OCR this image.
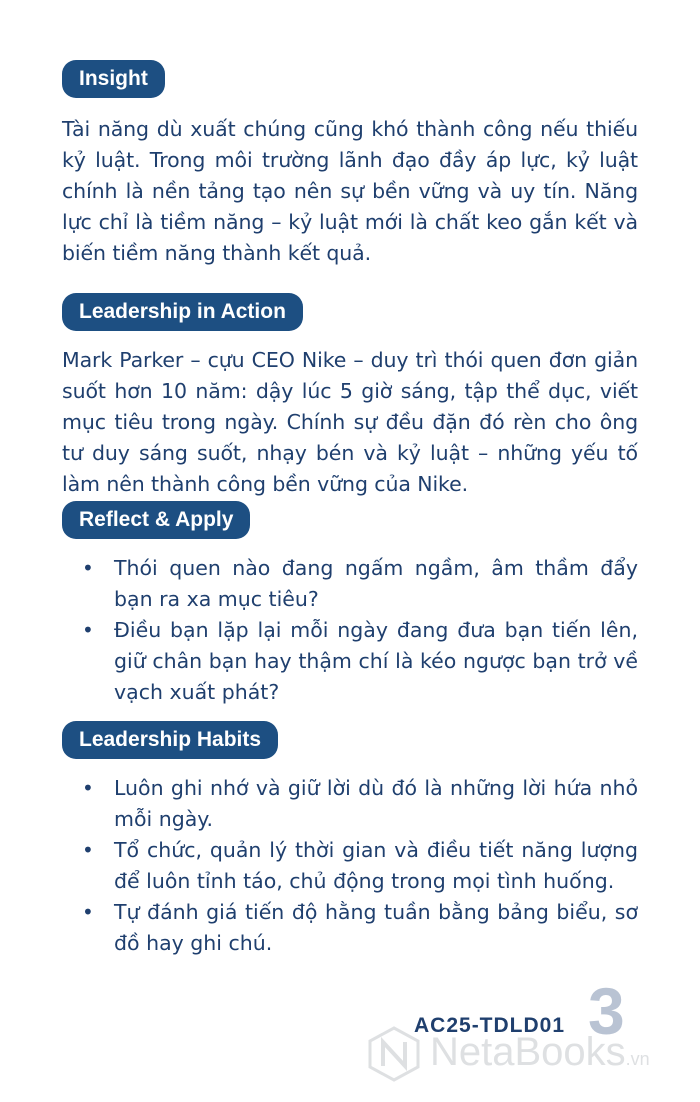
Insight
Tài năng dù xuất chúng cũng khó thành công nếu thiếu kỷ luật. Trong môi trường lãnh đạo đầy áp lực, kỷ luật chính là nền tảng tạo nên sự bền vững và uy tín. Năng lực chỉ là tiềm năng – kỷ luật mới là chất keo gắn kết và biến tiềm năng thành kết quả.
Leadership in Action
Mark Parker – cựu CEO Nike – duy trì thói quen đơn giản suốt hơn 10 năm: dậy lúc 5 giờ sáng, tập thể dục, viết mục tiêu trong ngày. Chính sự đều đặn đó rèn cho ông tư duy sáng suốt, nhạy bén và kỷ luật – những yếu tố làm nên thành công bền vững của Nike.
Reflect & Apply
• Thói quen nào đang ngấm ngầm, âm thầm đẩy bạn ra xa mục tiêu?
• Điều bạn lặp lại mỗi ngày đang đưa bạn tiến lên, giữ chân bạn hay thậm chí là kéo ngược bạn trở về vạch xuất phát?
Leadership Habits
• Luôn ghi nhớ và giữ lời dù đó là những lời hứa nhỏ mỗi ngày.
• Tổ chức, quản lý thời gian và điều tiết năng lượng để luôn tỉnh táo, chủ động trong mọi tình huống.
• Tự đánh giá tiến độ hằng tuần bằng bảng biểu, sơ đồ hay ghi chú.
3
AC25-TDLD01
NetaBooks.vn
